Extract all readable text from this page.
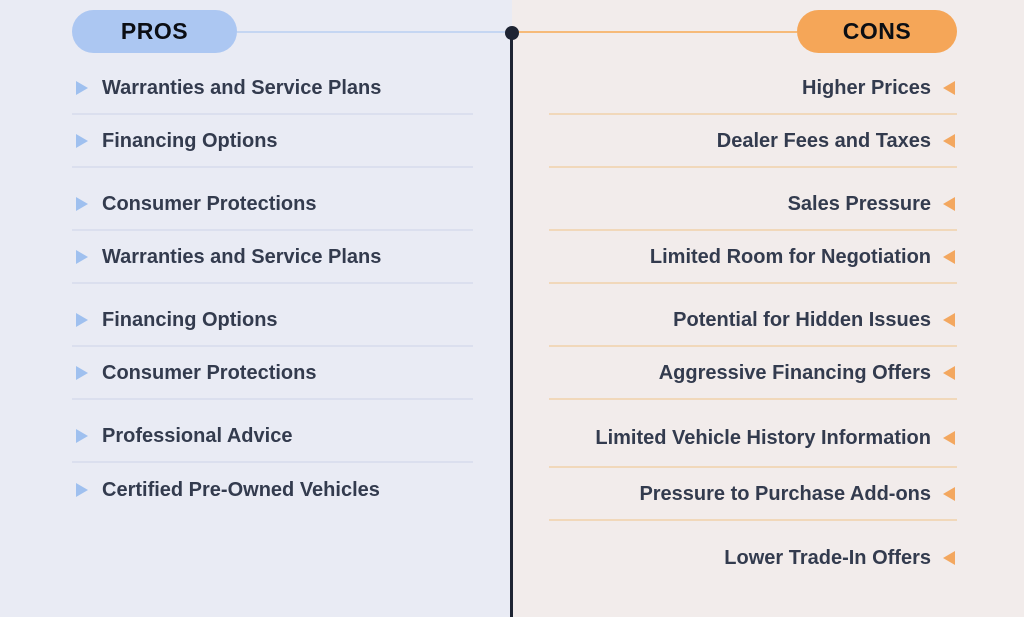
PROS	CONS
Warranties and Service Plans
Financing Options
Consumer Protections
Warranties and Service Plans
Financing Options
Consumer Protections
Professional Advice
Certified Pre-Owned Vehicles
Higher Prices
Dealer Fees and Taxes
Sales Pressure
Limited Room for Negotiation
Potential for Hidden Issues
Aggressive Financing Offers
Limited Vehicle History Information
Pressure to Purchase Add-ons
Lower Trade-In Offers
